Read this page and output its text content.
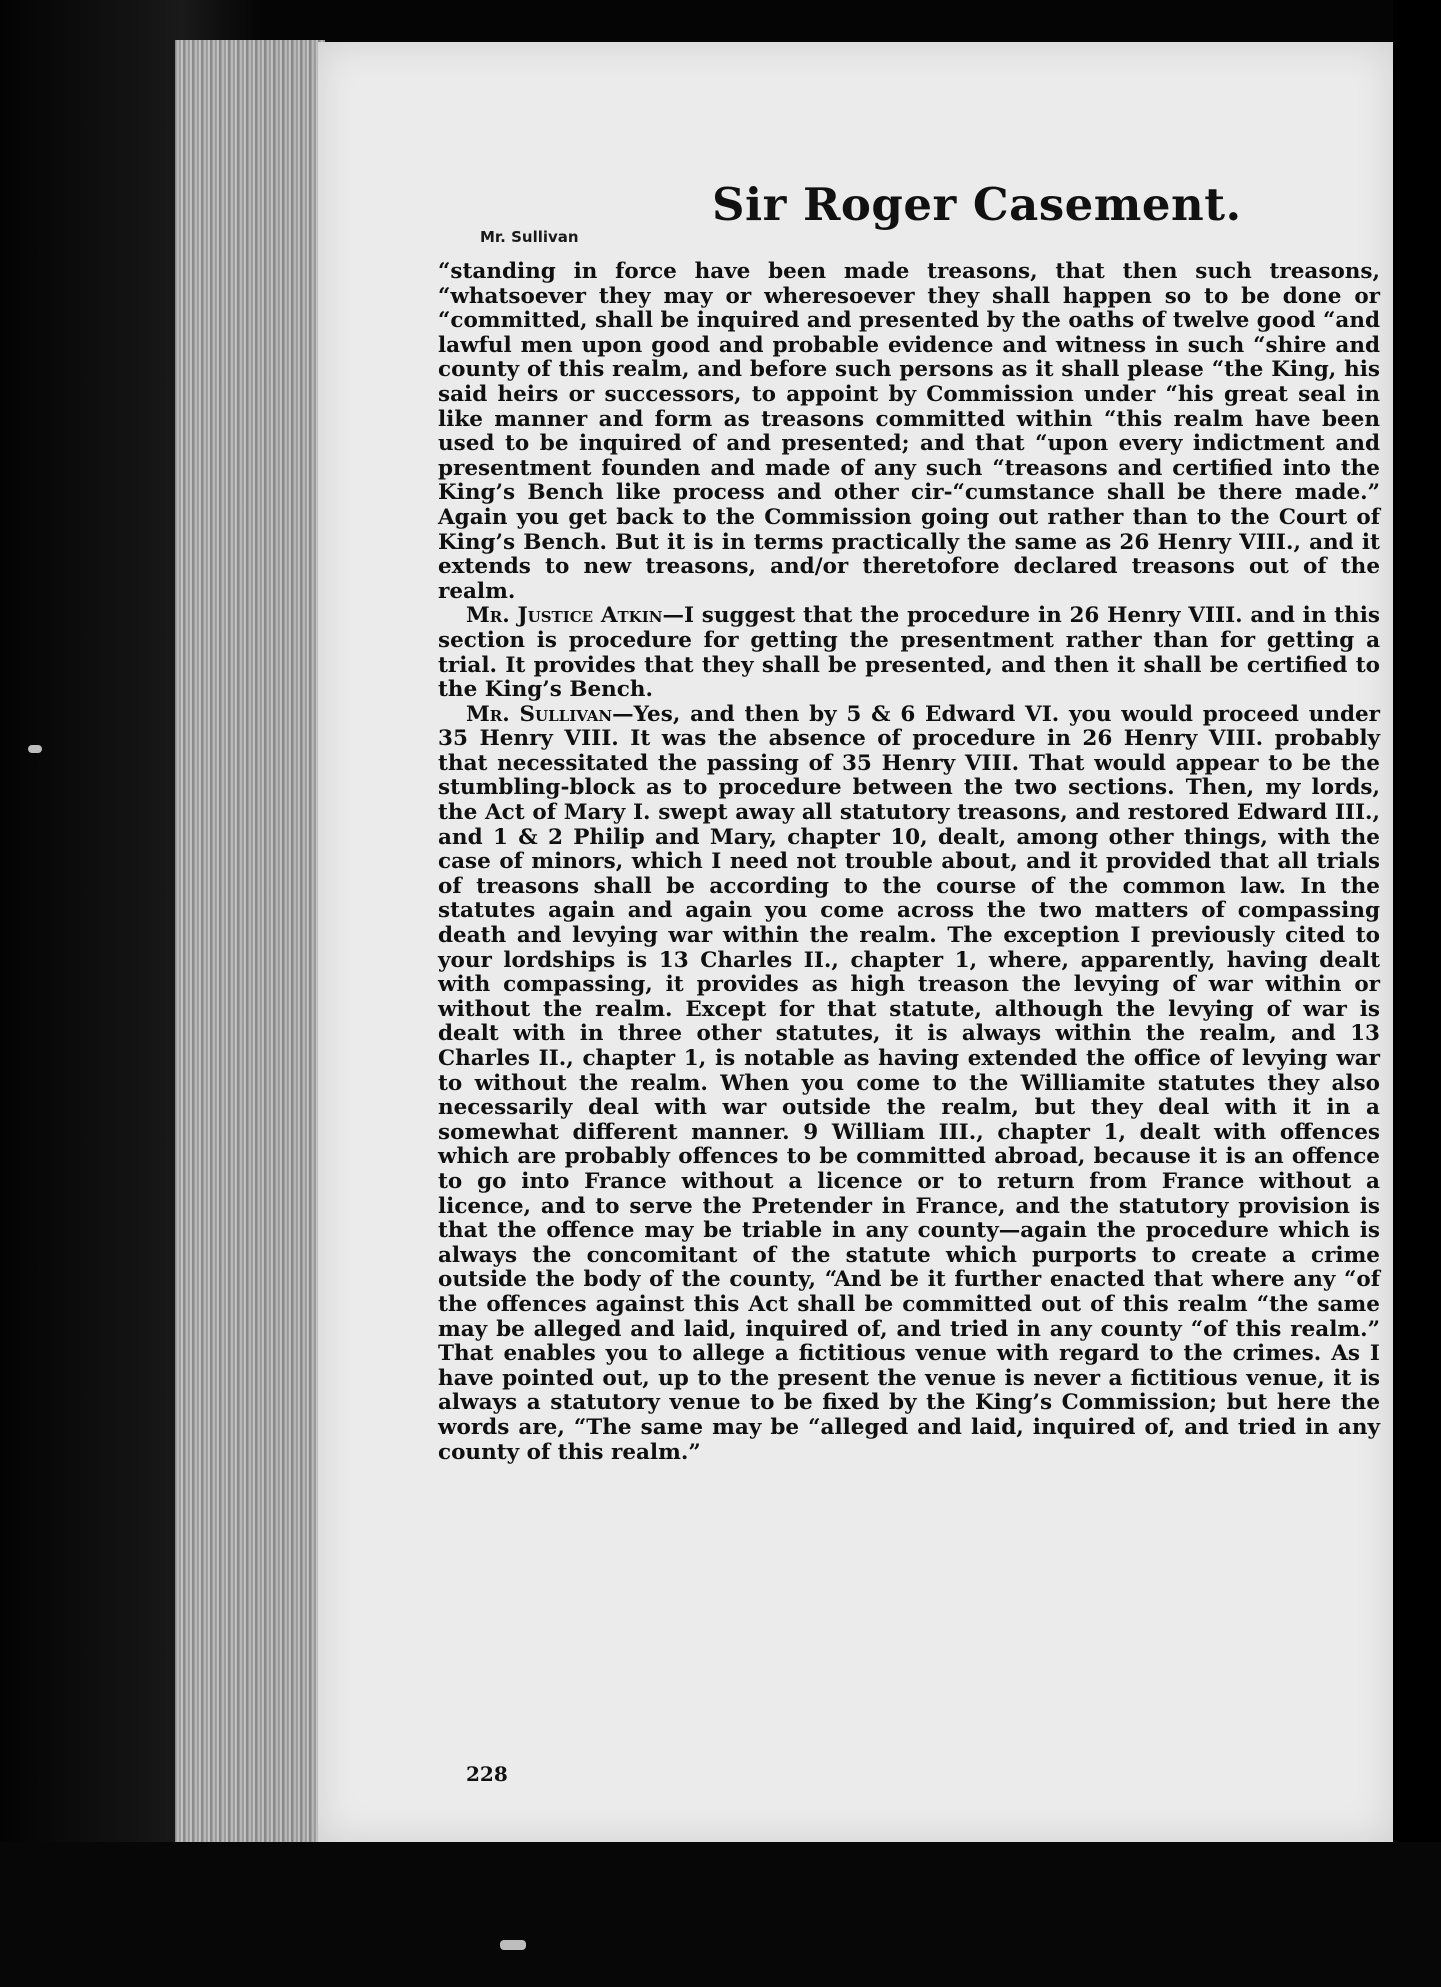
Sir Roger Casement.
Mr. Sullivan

“standing in force have been made treasons, that then such treasons, “whatsoever they may or wheresoever they shall happen so to be done or “committed, shall be inquired and presented by the oaths of twelve good “and lawful men upon good and probable evidence and witness in such “shire and county of this realm, and before such persons as it shall please “the King, his said heirs or successors, to appoint by Commission under “his great seal in like manner and form as treasons committed within “this realm have been used to be inquired of and presented; and that “upon every indictment and presentment founden and made of any such “treasons and certified into the King’s Bench like process and other cir-“cumstance shall be there made.” Again you get back to the Commission going out rather than to the Court of King’s Bench. But it is in terms practically the same as 26 Henry VIII., and it extends to new treasons, and/or theretofore declared treasons out of the realm.

Mr. Justice Atkin—I suggest that the procedure in 26 Henry VIII. and in this section is procedure for getting the presentment rather than for getting a trial. It provides that they shall be presented, and then it shall be certified to the King’s Bench.

Mr. Sullivan—Yes, and then by 5 & 6 Edward VI. you would proceed under 35 Henry VIII. It was the absence of procedure in 26 Henry VIII. probably that necessitated the passing of 35 Henry VIII. That would appear to be the stumbling-block as to procedure between the two sections. Then, my lords, the Act of Mary I. swept away all statutory treasons, and restored Edward III., and 1 & 2 Philip and Mary, chapter 10, dealt, among other things, with the case of minors, which I need not trouble about, and it provided that all trials of treasons shall be according to the course of the common law. In the statutes again and again you come across the two matters of compassing death and levying war within the realm. The exception I previously cited to your lordships is 13 Charles II., chapter 1, where, apparently, having dealt with compassing, it provides as high treason the levying of war within or without the realm. Except for that statute, although the levying of war is dealt with in three other statutes, it is always within the realm, and 13 Charles II., chapter 1, is notable as having extended the office of levying war to without the realm. When you come to the Williamite statutes they also necessarily deal with war outside the realm, but they deal with it in a somewhat different manner. 9 William III., chapter 1, dealt with offences which are probably offences to be committed abroad, because it is an offence to go into France without a licence or to return from France without a licence, and to serve the Pretender in France, and the statutory provision is that the offence may be triable in any county—again the procedure which is always the concomitant of the statute which purports to create a crime outside the body of the county, “And be it further enacted that where any “of the offences against this Act shall be committed out of this realm “the same may be alleged and laid, inquired of, and tried in any county “of this realm.” That enables you to allege a fictitious venue with regard to the crimes. As I have pointed out, up to the present the venue is never a fictitious venue, it is always a statutory venue to be fixed by the King’s Commission; but here the words are, “The same may be “alleged and laid, inquired of, and tried in any county of this realm.”

228
